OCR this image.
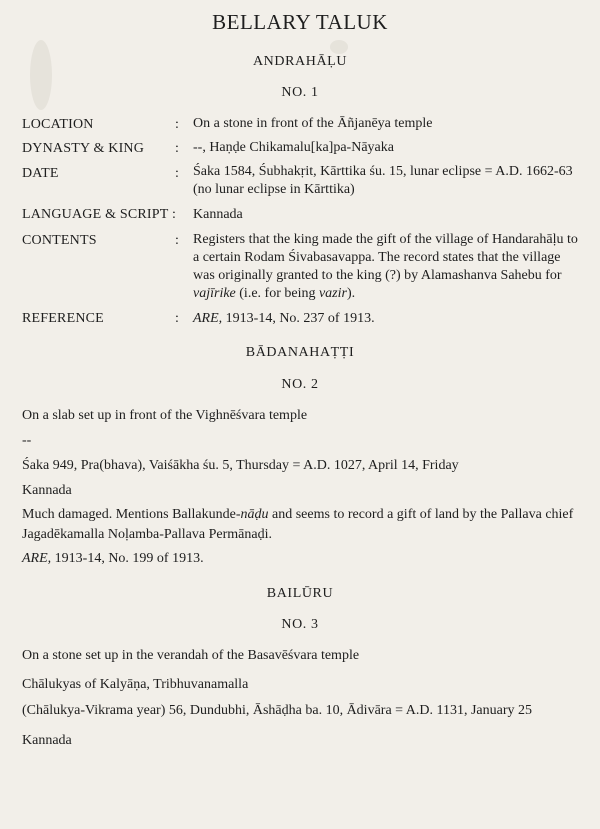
BELLARY TALUK
ANDRAHĀḶU
NO. 1
LOCATION	: On a stone in front of the Āñjanēya temple
DYNASTY & KING : --, Haṇḍe Chikamalu[ka]pa-Nāyaka
DATE	: Śaka 1584, Śubhakṛit, Kārttika śu. 15, lunar eclipse = A.D. 1662-63 (no lunar eclipse in Kārttika)
LANGUAGE & SCRIPT : Kannada
CONTENTS	: Registers that the king made the gift of the village of Handarahāḷu to a certain Rodam Śivabasavappa. The record states that the village was originally granted to the king (?) by Alamashanva Sahebu for vajīrike (i.e. for being vazir).
REFERENCE	: ARE, 1913-14, No. 237 of 1913.
BĀDANAHAṬṬI
NO. 2
On a slab set up in front of the Vighnēśvara temple
--
Śaka 949, Pra(bhava), Vaiśākha śu. 5, Thursday = A.D. 1027, April 14, Friday
Kannada
Much damaged. Mentions Ballakunde-nāḍu and seems to record a gift of land by the Pallava chief Jagadēkamalla Noḷamba-Pallava Permānaḍi.
ARE, 1913-14, No. 199 of 1913.
BAILŪRU
NO. 3
On a stone set up in the verandah of the Basavēśvara temple
Chālukyas of Kalyāṇa, Tribhuvanamalla
(Chālukya-Vikrama year) 56, Dundubhi, Āshāḍha ba. 10, Ādivāra = A.D. 1131, January 25
Kannada
